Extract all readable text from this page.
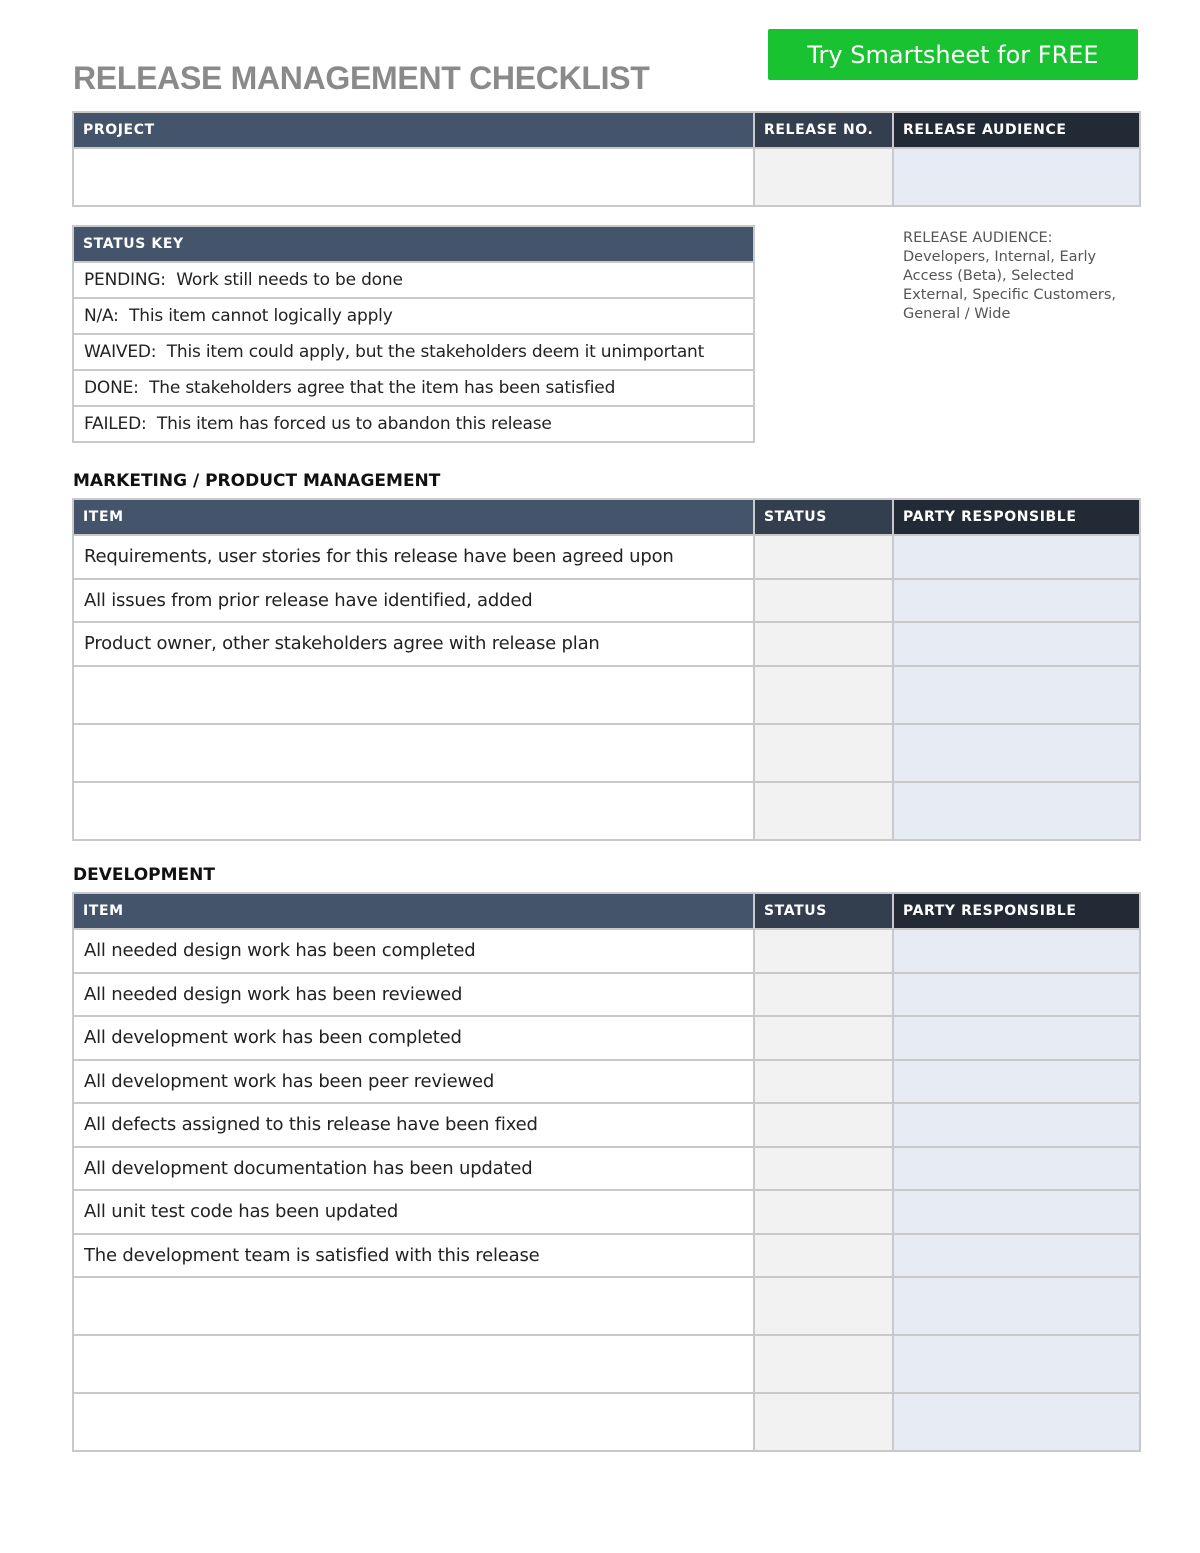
RELEASE MANAGEMENT CHECKLIST
Try Smartsheet for FREE
PROJECT	RELEASE NO.	RELEASE AUDIENCE

STATUS KEY
PENDING: Work still needs to be done
N/A: This item cannot logically apply
WAIVED: This item could apply, but the stakeholders deem it unimportant
DONE: The stakeholders agree that the item has been satisfied
FAILED: This item has forced us to abandon this release
RELEASE AUDIENCE:
Developers, Internal, Early Access (Beta), Selected External, Specific Customers, General / Wide
MARKETING / PRODUCT MANAGEMENT
ITEM	STATUS	PARTY RESPONSIBLE
Requirements, user stories for this release have been agreed upon		
All issues from prior release have identified, added		
Product owner, other stakeholders agree with release plan		

DEVELOPMENT
ITEM	STATUS	PARTY RESPONSIBLE
All needed design work has been completed		
All needed design work has been reviewed		
All development work has been completed		
All development work has been peer reviewed		
All defects assigned to this release have been fixed		
All development documentation has been updated		
All unit test code has been updated		
The development team is satisfied with this release		
